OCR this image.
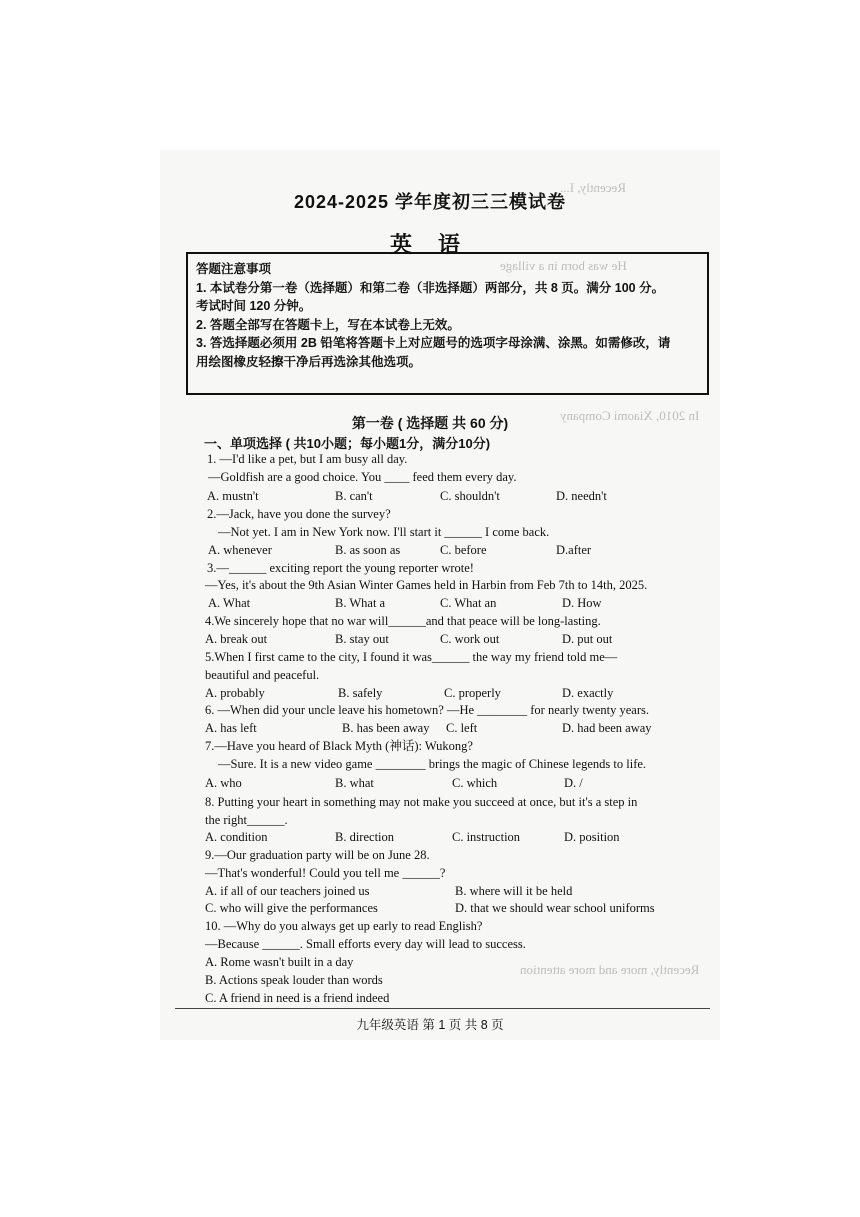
Recently, I...
He was born in a village
In 2010, Xiaomi Company
Recently, more and more attention
2024-2025 学年度初三三模试卷
英 语

答题注意事项

1. 本试卷分第一卷（选择题）和第二卷（非选择题）两部分，共 8 页。满分 100 分。

考试时间 120 分钟。

2. 答题全部写在答题卡上，写在本试卷上无效。

3. 答选择题必须用 2B 铅笔将答题卡上对应题号的选项字母涂满、涂黑。如需修改，请

用绘图橡皮轻擦干净后再选涂其他选项。

第一卷 ( 选择题 共 60 分)
一、单项选择 ( 共10小题；每小题1分，满分10分)
1. —I'd like a pet, but I am busy all day.
—Goldfish are a good choice. You ____ feed them every day.
A. mustn't	B. can't	C. shouldn't	D. needn't
2.—Jack, have you done the survey?
—Not yet. I am in New York now. I'll start it ______ I come back.
A. whenever	B. as soon as	C. before	D.after
3.—______ exciting report the young reporter wrote!
—Yes, it's about the 9th Asian Winter Games held in Harbin from Feb 7th to 14th, 2025.
A. What	B. What a	C. What an	D. How
4.We sincerely hope that no war will______and that peace will be long-lasting.
A. break out	B. stay out	C. work out	D. put out
5.When I first came to the city, I found it was______ the way my friend told me—
beautiful and peaceful.
A. probably	B. safely	C. properly	D. exactly
6. —When did your uncle leave his hometown? —He ________ for nearly twenty years.
A. has left	B. has been away C. left	D. had been away
7.—Have you heard of Black Myth (神话): Wukong?
—Sure. It is a new video game ________ brings the magic of Chinese legends to life.
A. who	B. what	C. which	D. /
8. Putting your heart in something may not make you succeed at once, but it's a step in
the right______.
A. condition	B. direction	C. instruction	D. position
9.—Our graduation party will be on June 28.
—That's wonderful! Could you tell me ______?
A. if all of our teachers joined us	B. where will it be held
C. who will give the performances	D. that we should wear school uniforms
10. —Why do you always get up early to read English?
—Because ______. Small efforts every day will lead to success.
A. Rome wasn't built in a day
B. Actions speak louder than words
C. A friend in need is a friend indeed
九年级英语 第 1 页 共 8 页
